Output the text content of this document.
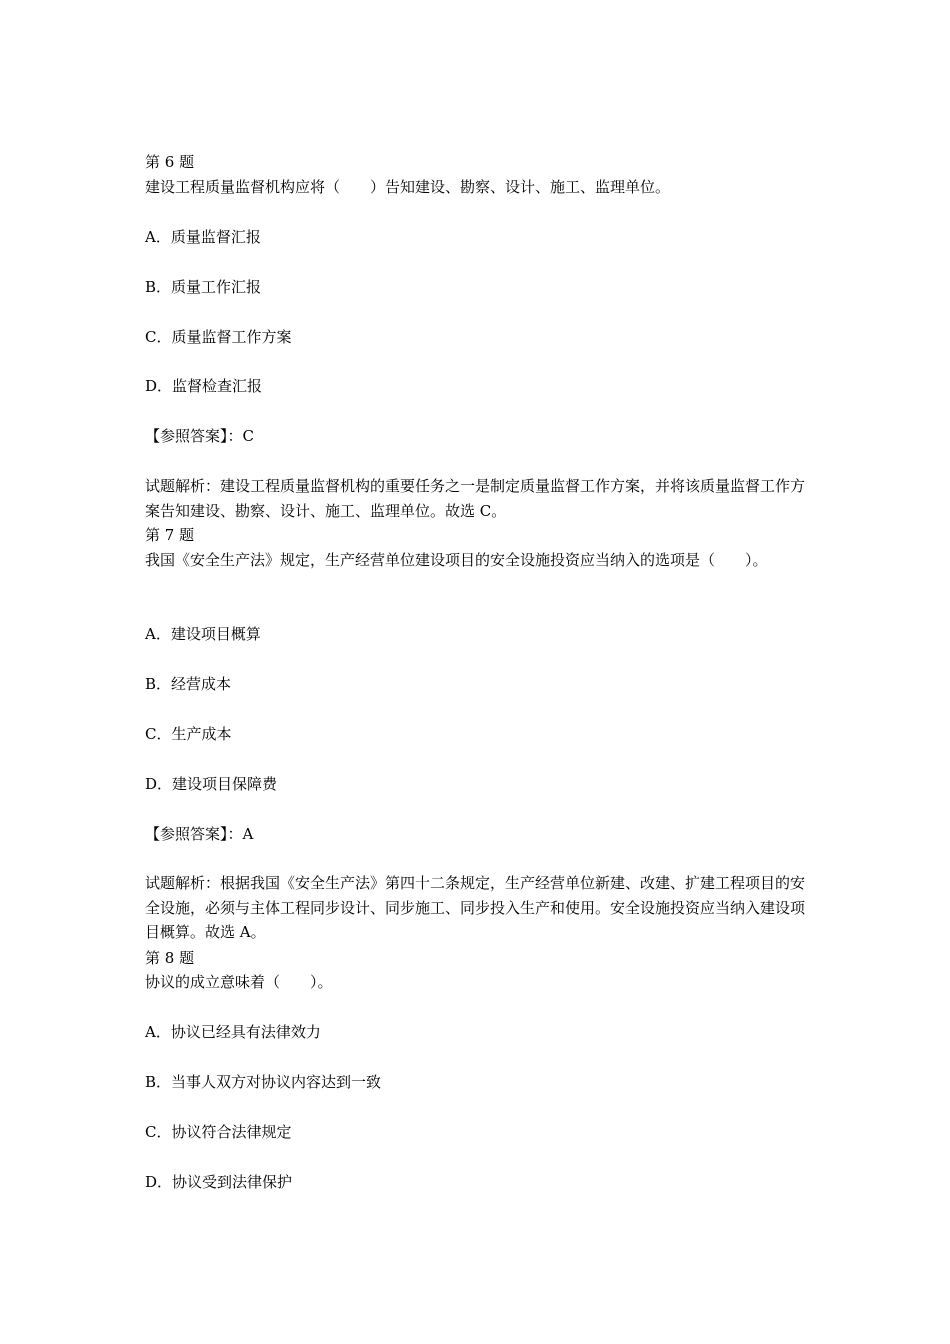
第 6 题
建设工程质量监督机构应将（　　）告知建设、勘察、设计、施工、监理单位。
A．质量监督汇报
B．质量工作汇报
C．质量监督工作方案
D．监督检查汇报
【参照答案】：C
试题解析：建设工程质量监督机构的重要任务之一是制定质量监督工作方案，并将该质量监督工作方案告知建设、勘察、设计、施工、监理单位。故选 C。
第 7 题
我国《安全生产法》规定，生产经营单位建设项目的安全设施投资应当纳入的选项是（　　）。
A．建设项目概算
B．经营成本
C．生产成本
D．建设项目保障费
【参照答案】：A
试题解析：根据我国《安全生产法》第四十二条规定，生产经营单位新建、改建、扩建工程项目的安全设施，必须与主体工程同步设计、同步施工、同步投入生产和使用。安全设施投资应当纳入建设项目概算。故选 A。
第 8 题
协议的成立意味着（　　）。
A．协议已经具有法律效力
B．当事人双方对协议内容达到一致
C．协议符合法律规定
D．协议受到法律保护
